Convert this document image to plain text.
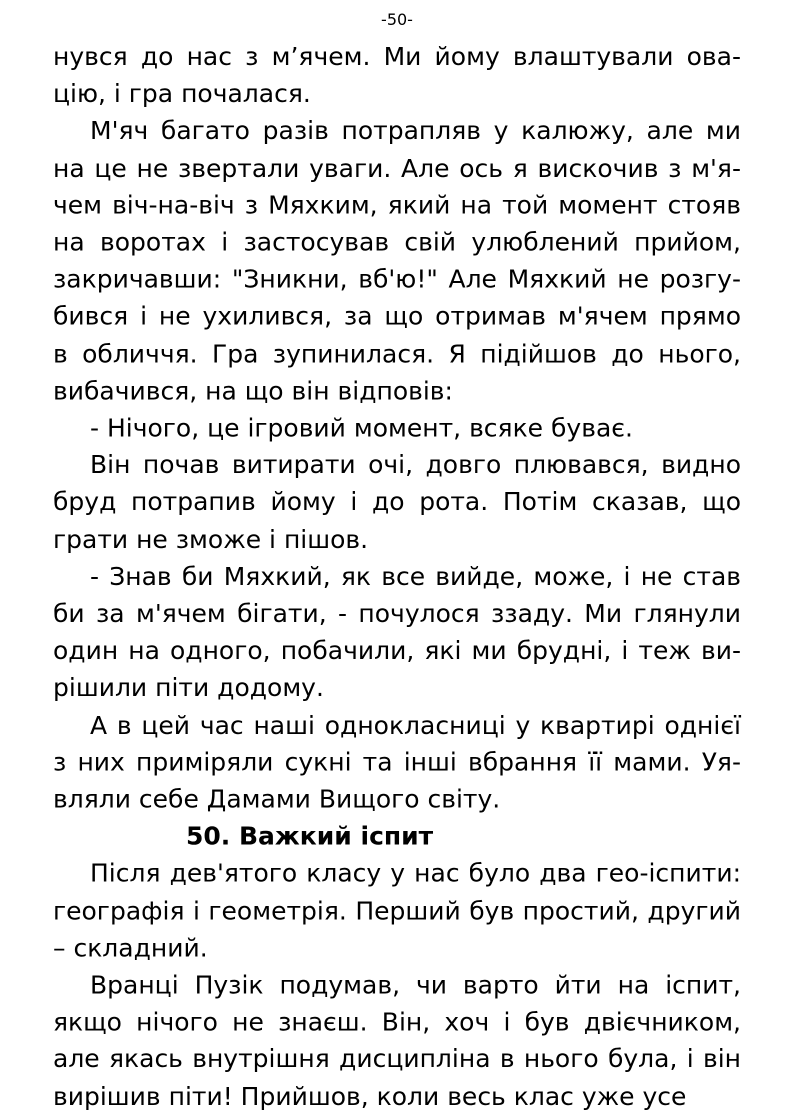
-50-
нувся до нас з м’ячем. Ми йому влаштували ова-
цію, і гра почалася.
М'яч багато разів потрапляв у калюжу, але ми
на це не звертали уваги. Але ось я вискочив з м'я-
чем віч-на-віч з Мяхким, який на той момент стояв
на воротах і застосував свій улюблений прийом,
закричавши: "Зникни, вб'ю!" Але Мяхкий не розгу-
бився і не ухилився, за що отримав м'ячем прямо
в обличчя. Гра зупинилася. Я підійшов до нього,
вибачився, на що він відповів:
- Нічого, це ігровий момент, всяке буває.
Він почав витирати очі, довго плювався, видно
бруд потрапив йому і до рота. Потім сказав, що
грати не зможе і пішов.
- Знав би Мяхкий, як все вийде, може, і не став
би за м'ячем бігати, - почулося ззаду. Ми глянули
один на одного, побачили, які ми брудні, і теж ви-
рішили піти додому.
А в цей час наші однокласниці у квартирі однієї
з них приміряли сукні та інші вбрання її мами. Уя-
вляли себе Дамами Вищого світу.
50. Важкий іспит
Після дев'ятого класу у нас було два гео-іспити:
географія і геометрія. Перший був простий, другий
– складний.
Вранці Пузік подумав, чи варто йти на іспит,
якщо нічого не знаєш. Він, хоч і був двієчником,
але якась внутрішня дисципліна в нього була, і він
вирішив піти! Прийшов, коли весь клас уже усе
